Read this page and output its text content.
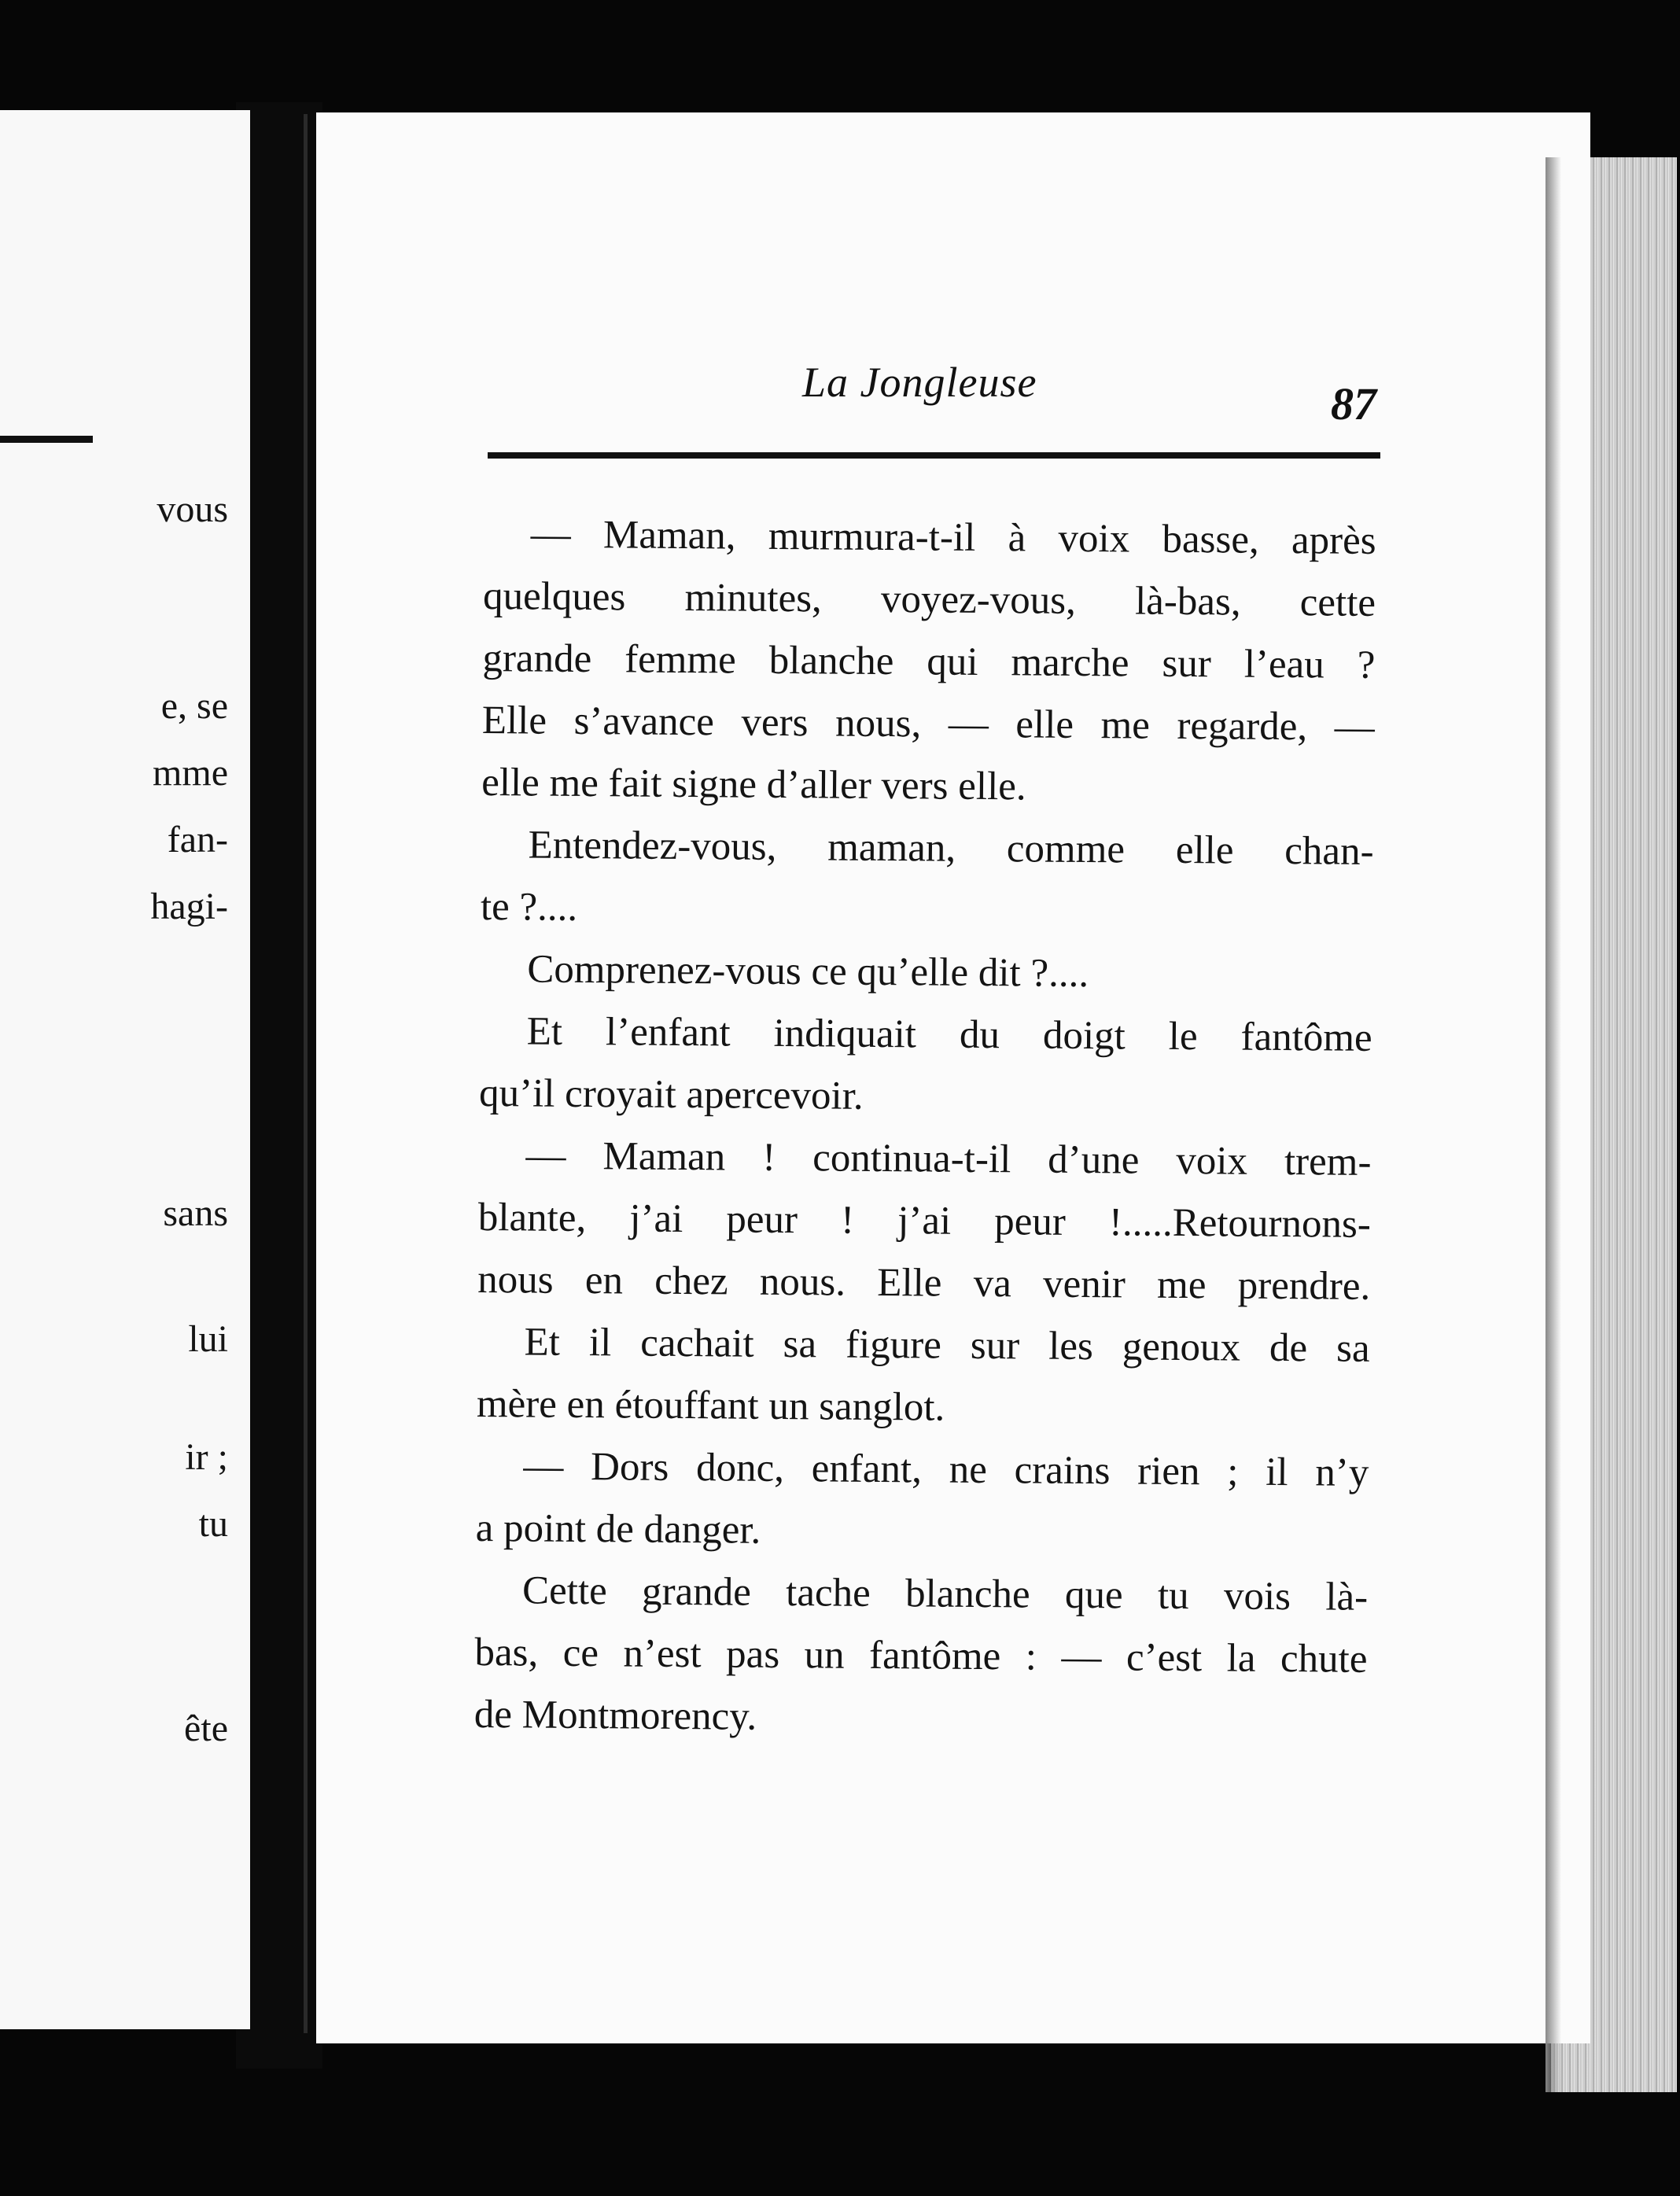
vous
e, se
mme
fan-
hagi-
sans
lui
ir ;
tu
ête
La Jongleuse	87
— Maman, murmura-t-il à voix basse, après
quelques minutes, voyez-vous, là-bas, cette
grande femme blanche qui marche sur l’eau ?
Elle s’avance vers nous, — elle me regarde, —
elle me fait signe d’aller vers elle.
Entendez-vous, maman, comme elle chan-
te ?....
Comprenez-vous ce qu’elle dit ?....
Et l’enfant indiquait du doigt le fantôme
qu’il croyait apercevoir.
— Maman ! continua-t-il d’une voix trem-
blante, j’ai peur ! j’ai peur !.....Retournons-
nous en chez nous. Elle va venir me prendre.
Et il cachait sa figure sur les genoux de sa
mère en étouffant un sanglot.
— Dors donc, enfant, ne crains rien ; il n’y
a point de danger.
Cette grande tache blanche que tu vois là-
bas, ce n’est pas un fantôme : — c’est la chute
de Montmorency.
